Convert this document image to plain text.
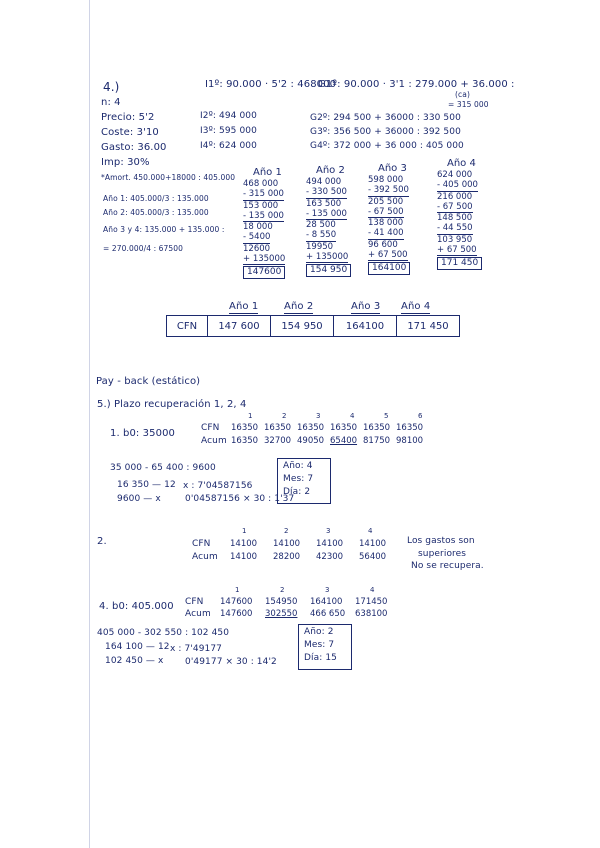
4.)
n: 4
Precio: 5'2
Coste: 3'10
Gasto: 36.00
Imp: 30%
*Amort. 450.000+18000 : 405.000
Año 1: 405.000/3 : 135.000
Año 2: 405.000/3 : 135.000
Año 3 y 4: 135.000 + 135.000 :
= 270.000/4 : 67500
I1º: 90.000 · 5'2 : 468000
I2º: 494 000
I3º: 595 000
I4º: 624 000
G1º: 90.000 · 3'1 : 279.000 + 36.000 :
(ca)
= 315 000
G2º: 294 500 + 36000 : 330 500
G3º: 356 500 + 36000 : 392 500
G4º: 372 000 + 36 000 : 405 000
Año 1
468 000
- 315 000
153 000
- 135 000
18 000
- 5400
12600
+ 135000
147600
Año 2
494 000
- 330 500
163 500
- 135 000
28 500
- 8 550
19950
+ 135000
154 950
Año 3
598 000
- 392 500
205 500
- 67 500
138 000
- 41 400
96 600
+ 67 500
164100
Año 4
624 000
- 405 000
216 000
- 67 500
148 500
- 44 550
103 950
+ 67 500
171 450
Año 1	Año 2	Año 3 Año 4
CFN	147 600	154 950	164100	171 450
Pay - back (estático)
5.) Plazo recuperación 1, 2, 4
1. b0: 35000
1	2	3	4	5	6
CFN 16350 16350 16350 16350 16350 16350
Acum 16350 32700 49050 65400 81750 98100
35 000 - 65 400 : 9600
16 350 — 12
9600 — x
x : 7'04587156
0'04587156 × 30 : 1'37
Año: 4
Mes: 7
Día: 2
2.
1	2	3	4
CFN 14100	14100	14100	14100
Acum 14100	28200	42300	56400
Los gastos son
superiores
No se recupera.
4. b0: 405.000
1	2	3	4
CFN 147600	154950	164100	171450
Acum 147600	302550	466 650	638100
405 000 - 302 550 : 102 450
164 100 — 12
102 450 — x
x : 7'49177
0'49177 × 30 : 14'2
Año: 2
Mes: 7
Día: 15
